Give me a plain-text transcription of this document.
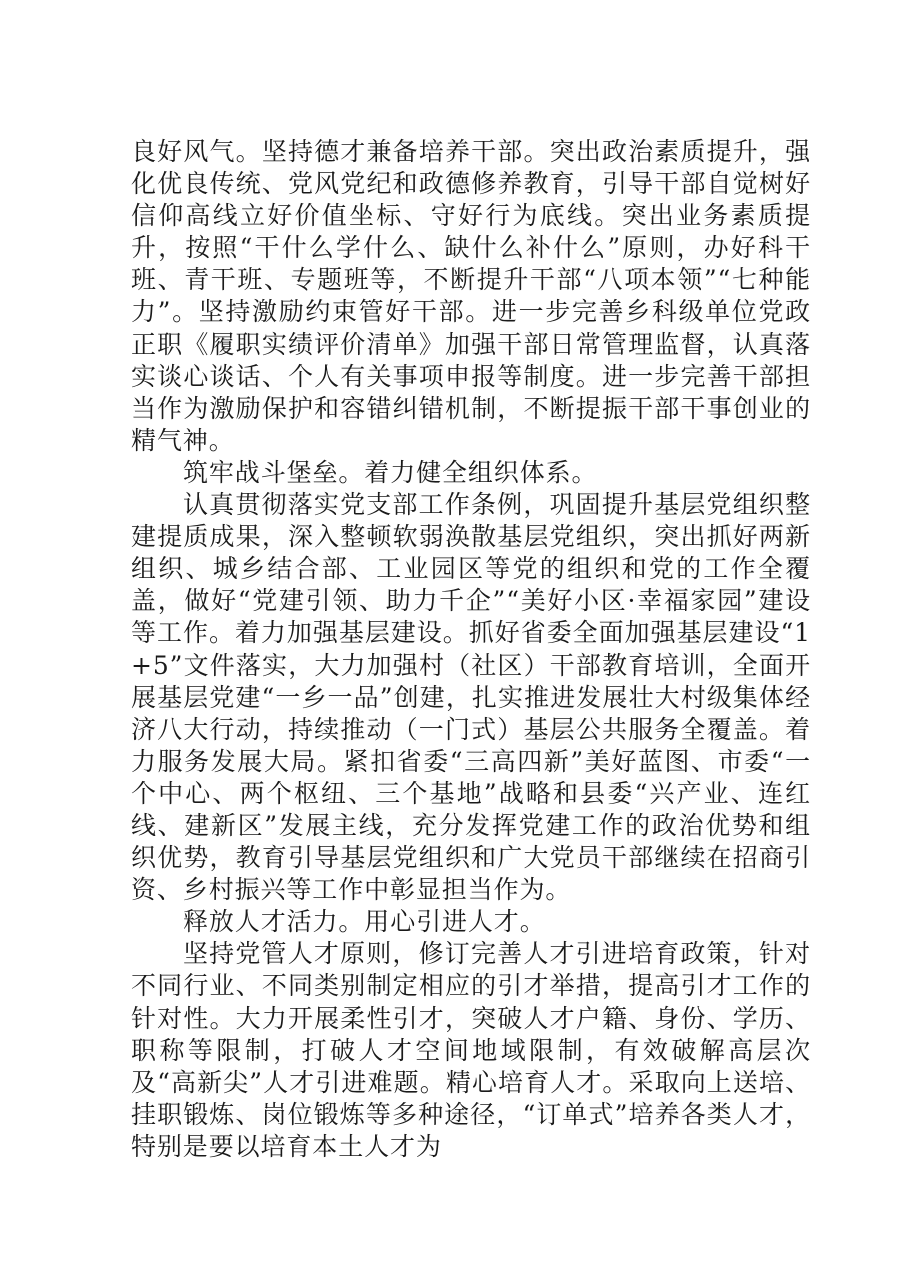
良好风气。坚持德才兼备培养干部。突出政治素质提升，强化优良传统、党风党纪和政德修养教育，引导干部自觉树好信仰高线立好价值坐标、守好行为底线。突出业务素质提升，按照“干什么学什么、缺什么补什么”原则，办好科干班、青干班、专题班等，不断提升干部“八项本领”“七种能力”。坚持激励约束管好干部。进一步完善乡科级单位党政正职《履职实绩评价清单》加强干部日常管理监督，认真落实谈心谈话、个人有关事项申报等制度。进一步完善干部担当作为激励保护和容错纠错机制，不断提振干部干事创业的精气神。

筑牢战斗堡垒。着力健全组织体系。

认真贯彻落实党支部工作条例，巩固提升基层党组织整建提质成果，深入整顿软弱涣散基层党组织，突出抓好两新组织、城乡结合部、工业园区等党的组织和党的工作全覆盖，做好“党建引领、助力千企”“美好小区·幸福家园”建设等工作。着力加强基层建设。抓好省委全面加强基层建设“1+5”文件落实，大力加强村（社区）干部教育培训，全面开展基层党建“一乡一品”创建，扎实推进发展壮大村级集体经济八大行动，持续推动（一门式）基层公共服务全覆盖。着力服务发展大局。紧扣省委“三高四新”美好蓝图、市委“一个中心、两个枢纽、三个基地”战略和县委“兴产业、连红线、建新区”发展主线，充分发挥党建工作的政治优势和组织优势，教育引导基层党组织和广大党员干部继续在招商引资、乡村振兴等工作中彰显担当作为。

释放人才活力。用心引进人才。

坚持党管人才原则，修订完善人才引进培育政策，针对不同行业、不同类别制定相应的引才举措，提高引才工作的针对性。大力开展柔性引才，突破人才户籍、身份、学历、职称等限制，打破人才空间地域限制，有效破解高层次及“高新尖”人才引进难题。精心培育人才。采取向上送培、挂职锻炼、岗位锻炼等多种途径，“订单式”培养各类人才，特别是要以培育本土人才为
